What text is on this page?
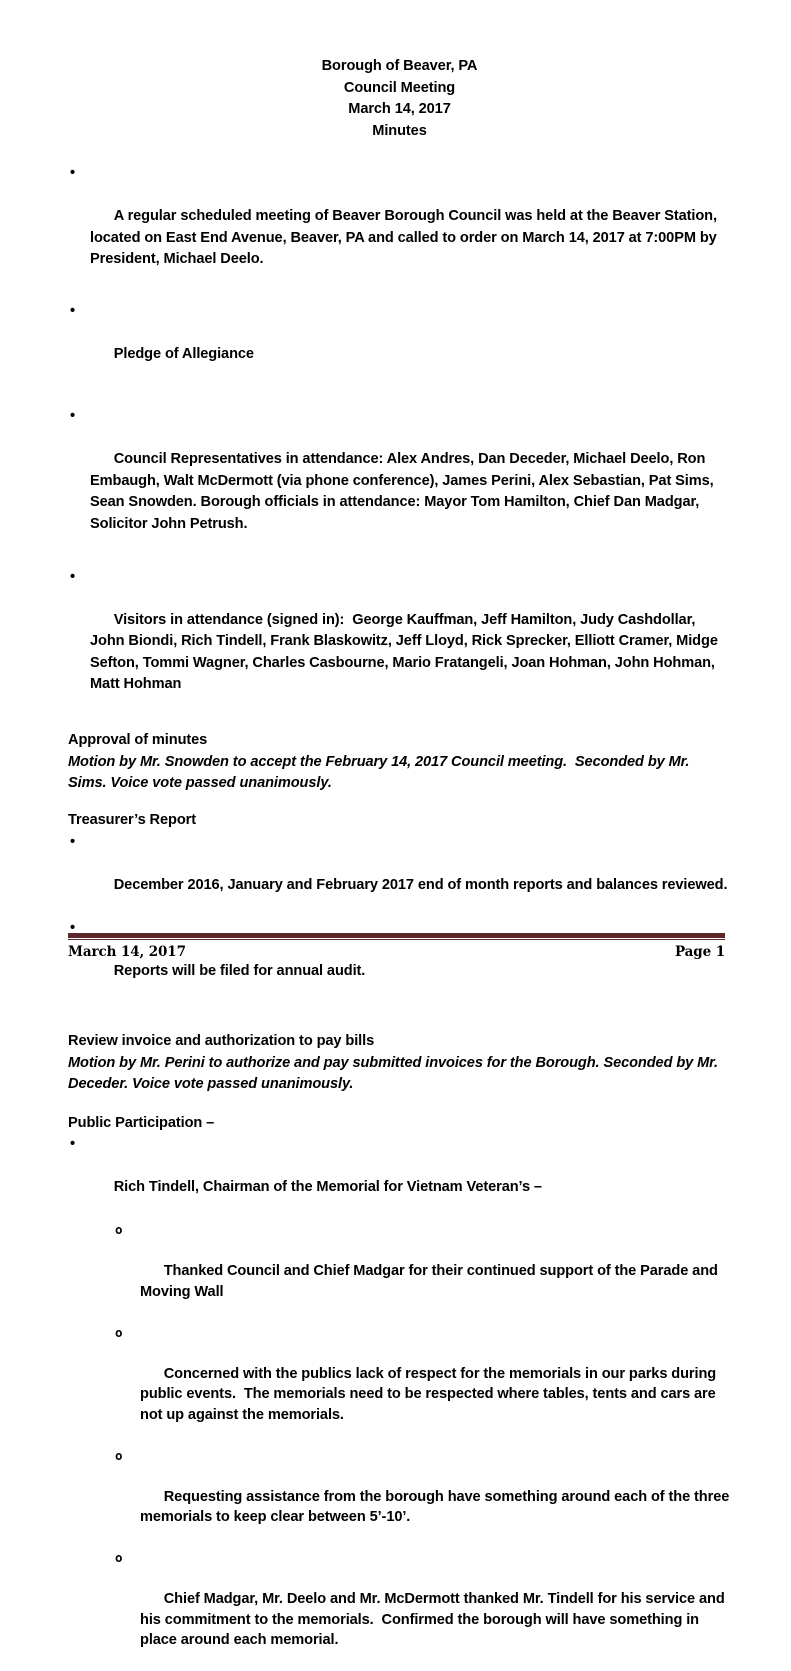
Borough of Beaver, PA
Council Meeting
March 14, 2017
Minutes

•

A regular scheduled meeting of Beaver Borough Council was held at the Beaver Station, located on East End Avenue, Beaver, PA and called to order on March 14, 2017 at 7:00PM by President, Michael Deelo.

•

Pledge of Allegiance

•

Council Representatives in attendance: Alex Andres, Dan Deceder, Michael Deelo, Ron Embaugh, Walt McDermott (via phone conference), James Perini, Alex Sebastian, Pat Sims, Sean Snowden. Borough officials in attendance: Mayor Tom Hamilton, Chief Dan Madgar, Solicitor John Petrush.

•

Visitors in attendance (signed in):  George Kauffman, Jeff Hamilton, Judy Cashdollar, John Biondi, Rich Tindell, Frank Blaskowitz, Jeff Lloyd, Rick Sprecker, Elliott Cramer, Midge Sefton, Tommi Wagner, Charles Casbourne, Mario Fratangeli, Joan Hohman, John Hohman, Matt Hohman

Approval of minutes
Motion by Mr. Snowden to accept the February 14, 2017 Council meeting.  Seconded by Mr. Sims. Voice vote passed unanimously.
Treasurer’s Report

•

December 2016, January and February 2017 end of month reports and balances reviewed.

•

Reports will be filed for annual audit.

Review invoice and authorization to pay bills
Motion by Mr. Perini to authorize and pay submitted invoices for the Borough. Seconded by Mr. Deceder. Voice vote passed unanimously.
Public Participation –

•

Rich Tindell, Chairman of the Memorial for Vietnam Veteran’s –

o

Thanked Council and Chief Madgar for their continued support of the Parade and Moving Wall

o

Concerned with the publics lack of respect for the memorials in our parks during public events.  The memorials need to be respected where tables, tents and cars are not up against the memorials.

o

Requesting assistance from the borough have something around each of the three memorials to keep clear between 5’-10’.

o

Chief Madgar, Mr. Deelo and Mr. McDermott thanked Mr. Tindell for his service and his commitment to the memorials.  Confirmed the borough will have something in place around each memorial.

March 14, 2017	Page 1
